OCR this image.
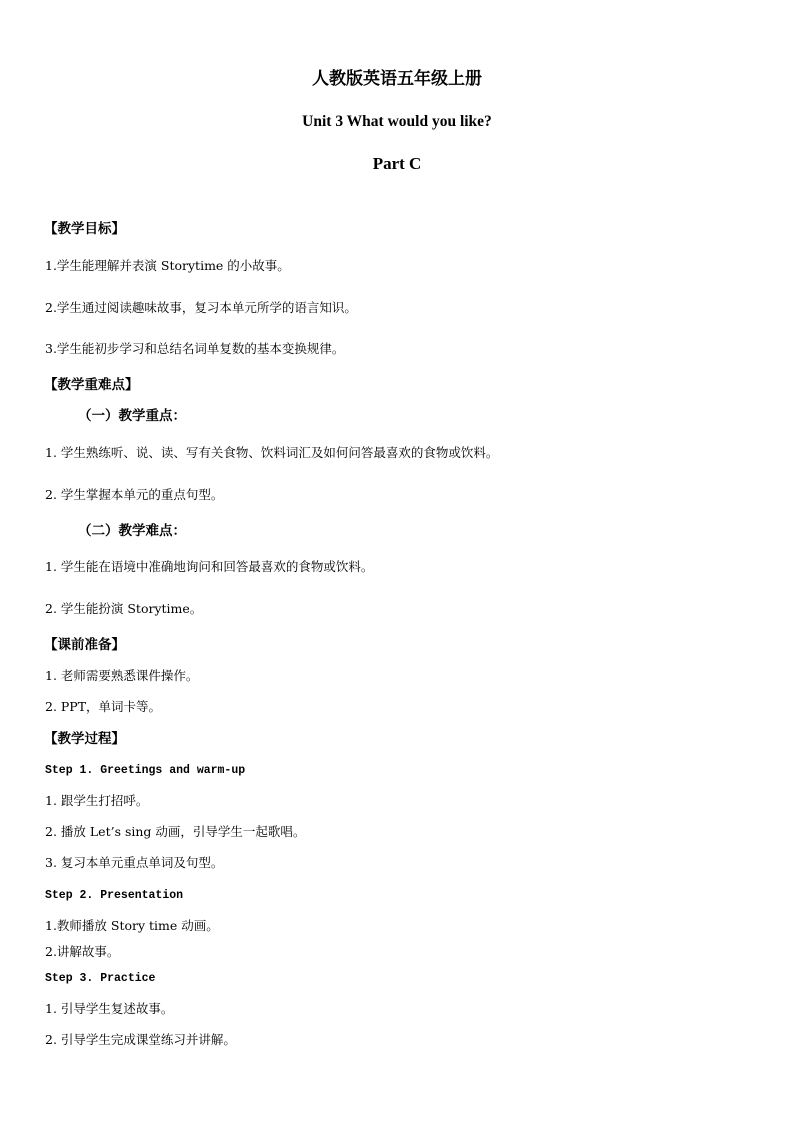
人教版英语五年级上册
Unit 3 What would you like?
Part C
【教学目标】
1.学生能理解并表演 Storytime 的小故事。
2.学生通过阅读趣味故事，复习本单元所学的语言知识。
3.学生能初步学习和总结名词单复数的基本变换规律。
【教学重难点】
（一）教学重点：
1. 学生熟练听、说、读、写有关食物、饮料词汇及如何问答最喜欢的食物或饮料。
2. 学生掌握本单元的重点句型。
（二）教学难点：
1. 学生能在语境中准确地询问和回答最喜欢的食物或饮料。
2. 学生能扮演 Storytime。
【课前准备】
1. 老师需要熟悉课件操作。
2. PPT，单词卡等。
【教学过程】
Step 1. Greetings and warm-up
1. 跟学生打招呼。
2. 播放 Let’s sing 动画，引导学生一起歌唱。
3. 复习本单元重点单词及句型。
Step 2. Presentation
1.教师播放 Story time 动画。
2.讲解故事。
Step 3. Practice
1. 引导学生复述故事。
2. 引导学生完成课堂练习并讲解。
